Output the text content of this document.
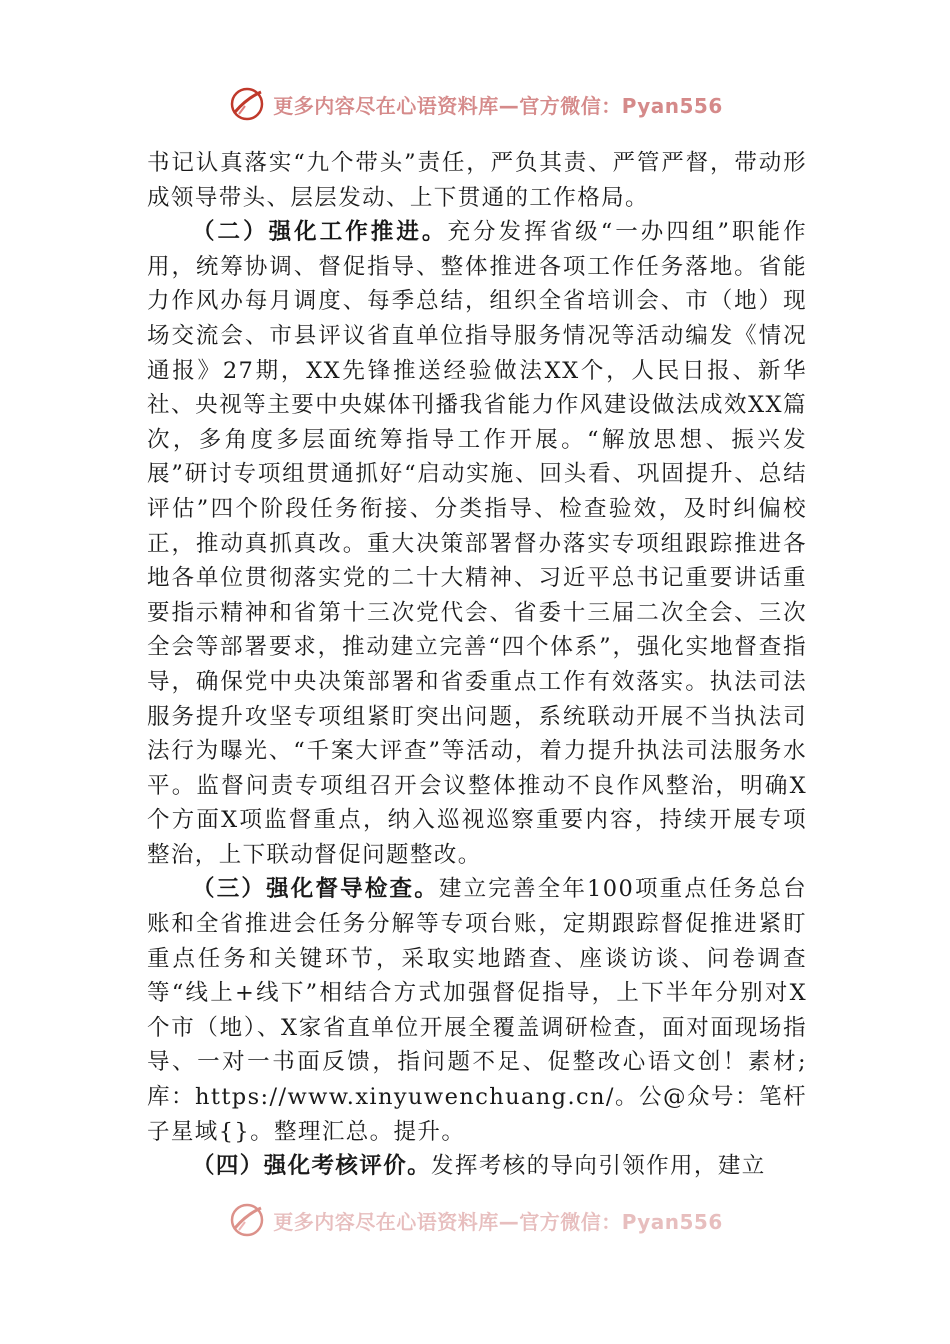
更多内容尽在心语资料库—官方微信：Pyan556

书记认真落实“九个带头”责任，严负其责、严管严督，带动形成领导带头、层层发动、上下贯通的工作格局。

（二）强化工作推进。充分发挥省级“一办四组”职能作用，统筹协调、督促指导、整体推进各项工作任务落地。省能力作风办每月调度、每季总结，组织全省培训会、市（地）现场交流会、市县评议省直单位指导服务情况等活动编发《情况通报》27期，XX先锋推送经验做法XX个，人民日报、新华社、央视等主要中央媒体刊播我省能力作风建设做法成效XX篇次，多角度多层面统筹指导工作开展。“解放思想、振兴发展”研讨专项组贯通抓好“启动实施、回头看、巩固提升、总结评估”四个阶段任务衔接、分类指导、检查验效，及时纠偏校正，推动真抓真改。重大决策部署督办落实专项组跟踪推进各地各单位贯彻落实党的二十大精神、习近平总书记重要讲话重要指示精神和省第十三次党代会、省委十三届二次全会、三次全会等部署要求，推动建立完善“四个体系”，强化实地督查指导，确保党中央决策部署和省委重点工作有效落实。执法司法服务提升攻坚专项组紧盯突出问题，系统联动开展不当执法司法行为曝光、“千案大评查”等活动，着力提升执法司法服务水平。监督问责专项组召开会议整体推动不良作风整治，明确X个方面X项监督重点，纳入巡视巡察重要内容，持续开展专项整治，上下联动督促问题整改。

（三）强化督导检查。建立完善全年100项重点任务总台账和全省推进会任务分解等专项台账，定期跟踪督促推进紧盯重点任务和关键环节，采取实地踏查、座谈访谈、问卷调查等“线上+线下”相结合方式加强督促指导，上下半年分别对X个市（地）、X家省直单位开展全覆盖调研检查，面对面现场指导、一对一书面反馈，指问题不足、促整改心语文创！素材;库：https://www.xinyuwenchuang.cn/。公@众号：笔杆子星域{}。整理汇总。提升。

（四）强化考核评价。发挥考核的导向引领作用，建立

更多内容尽在心语资料库—官方微信：Pyan556
